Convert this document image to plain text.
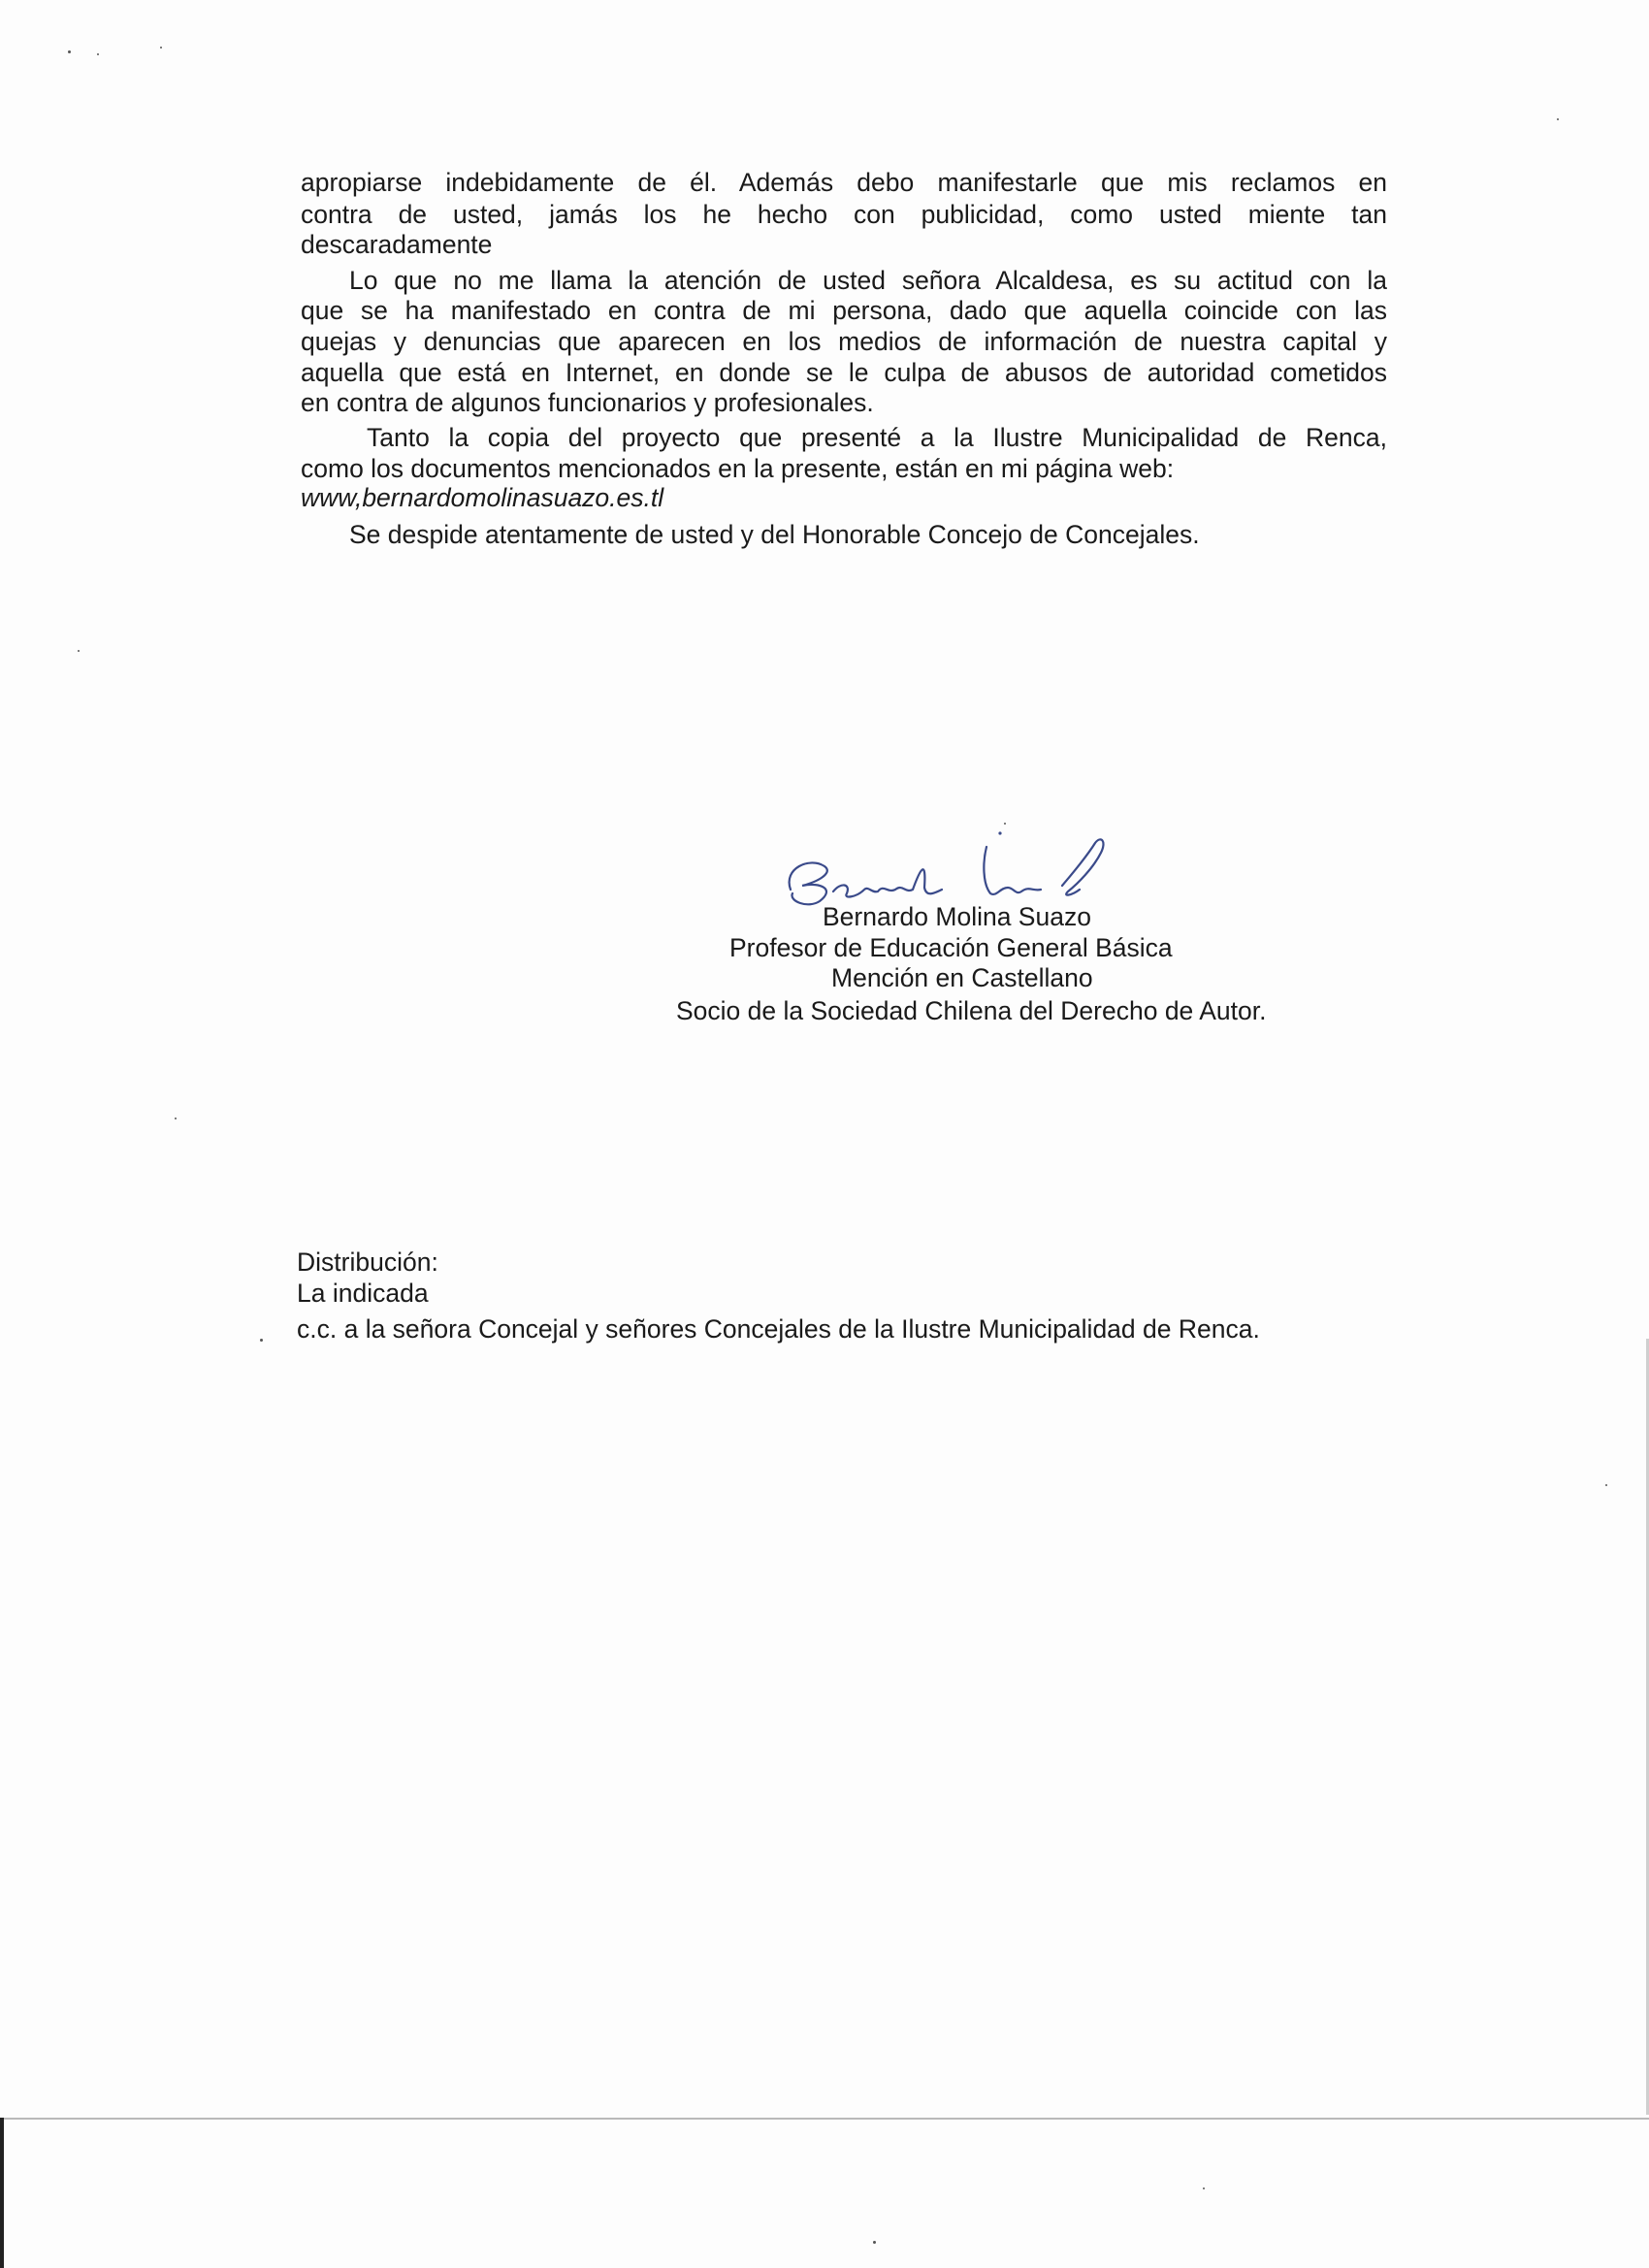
apropiarse indebidamente de él. Además debo manifestarle que mis reclamos en
contra de usted, jamás los he hecho con publicidad, como usted miente tan
descaradamente
Lo que no me llama la atención de usted señora Alcaldesa, es su actitud con la
que se ha manifestado en contra de mi persona, dado que aquella coincide con las
quejas y denuncias que aparecen en los medios de información de nuestra capital y
aquella que está en Internet, en donde se le culpa de abusos de autoridad cometidos
en contra de algunos funcionarios y profesionales.
Tanto la copia del proyecto que presenté a la Ilustre Municipalidad de Renca,
como los documentos mencionados en la presente, están en mi página web:
www,bernardomolinasuazo.es.tl
Se despide atentamente de usted y del Honorable Concejo de Concejales.
Bernardo Molina Suazo
Profesor de Educación General Básica
Mención en Castellano
Socio de la Sociedad Chilena del Derecho de Autor.
Distribución:
La indicada
c.c. a la señora Concejal y señores Concejales de la Ilustre Municipalidad de Renca.
